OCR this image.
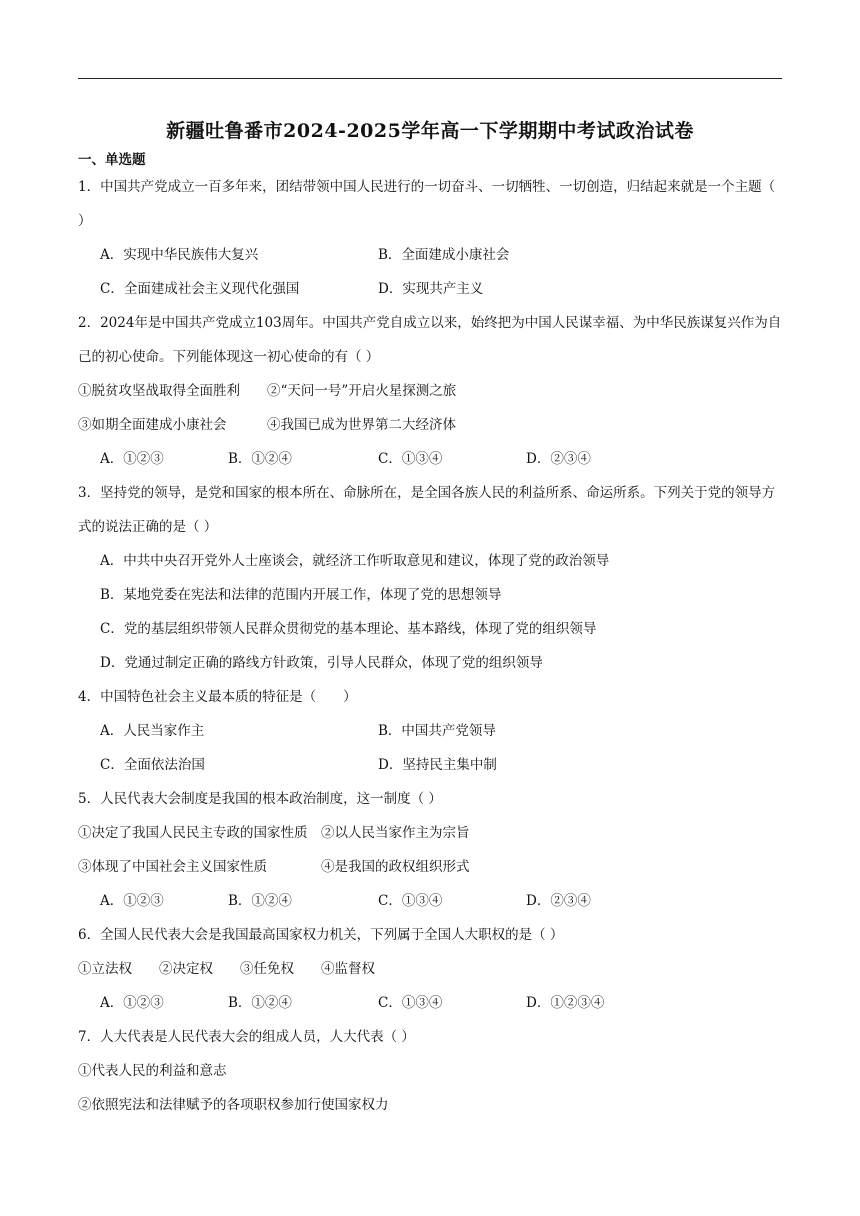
新疆吐鲁番市2024-2025学年高一下学期期中考试政治试卷
一、单选题
1．中国共产党成立一百多年来，团结带领中国人民进行的一切奋斗、一切牺牲、一切创造，归结起来就是一个主题（ ）
A．实现中华民族伟大复兴	B．全面建成小康社会
C．全面建成社会主义现代化强国	D．实现共产主义
2．2024年是中国共产党成立103周年。中国共产党自成立以来，始终把为中国人民谋幸福、为中华民族谋复兴作为自己的初心使命。下列能体现这一初心使命的有（ ）
①脱贫攻坚战取得全面胜利　　②“天问一号”开启火星探测之旅
③如期全面建成小康社会　　　④我国已成为世界第二大经济体
A．①②③	B．①②④	C．①③④	D．②③④
3．坚持党的领导，是党和国家的根本所在、命脉所在，是全国各族人民的利益所系、命运所系。下列关于党的领导方式的说法正确的是（ ）
A．中共中央召开党外人士座谈会，就经济工作听取意见和建议，体现了党的政治领导
B．某地党委在宪法和法律的范围内开展工作，体现了党的思想领导
C．党的基层组织带领人民群众贯彻党的基本理论、基本路线，体现了党的组织领导
D．党通过制定正确的路线方针政策，引导人民群众，体现了党的组织领导
4．中国特色社会主义最本质的特征是（　　）
A．人民当家作主	B．中国共产党领导
C．全面依法治国	D．坚持民主集中制
5．人民代表大会制度是我国的根本政治制度，这一制度（ ）
①决定了我国人民民主专政的国家性质　②以人民当家作主为宗旨
③体现了中国社会主义国家性质　　　　④是我国的政权组织形式
A．①②③	B．①②④	C．①③④	D．②③④
6．全国人民代表大会是我国最高国家权力机关，下列属于全国人大职权的是（ ）
①立法权　　②决定权　　③任免权　　④监督权
A．①②③	B．①②④	C．①③④	D．①②③④
7．人大代表是人民代表大会的组成人员，人大代表（ ）
①代表人民的利益和意志
②依照宪法和法律赋予的各项职权参加行使国家权力
